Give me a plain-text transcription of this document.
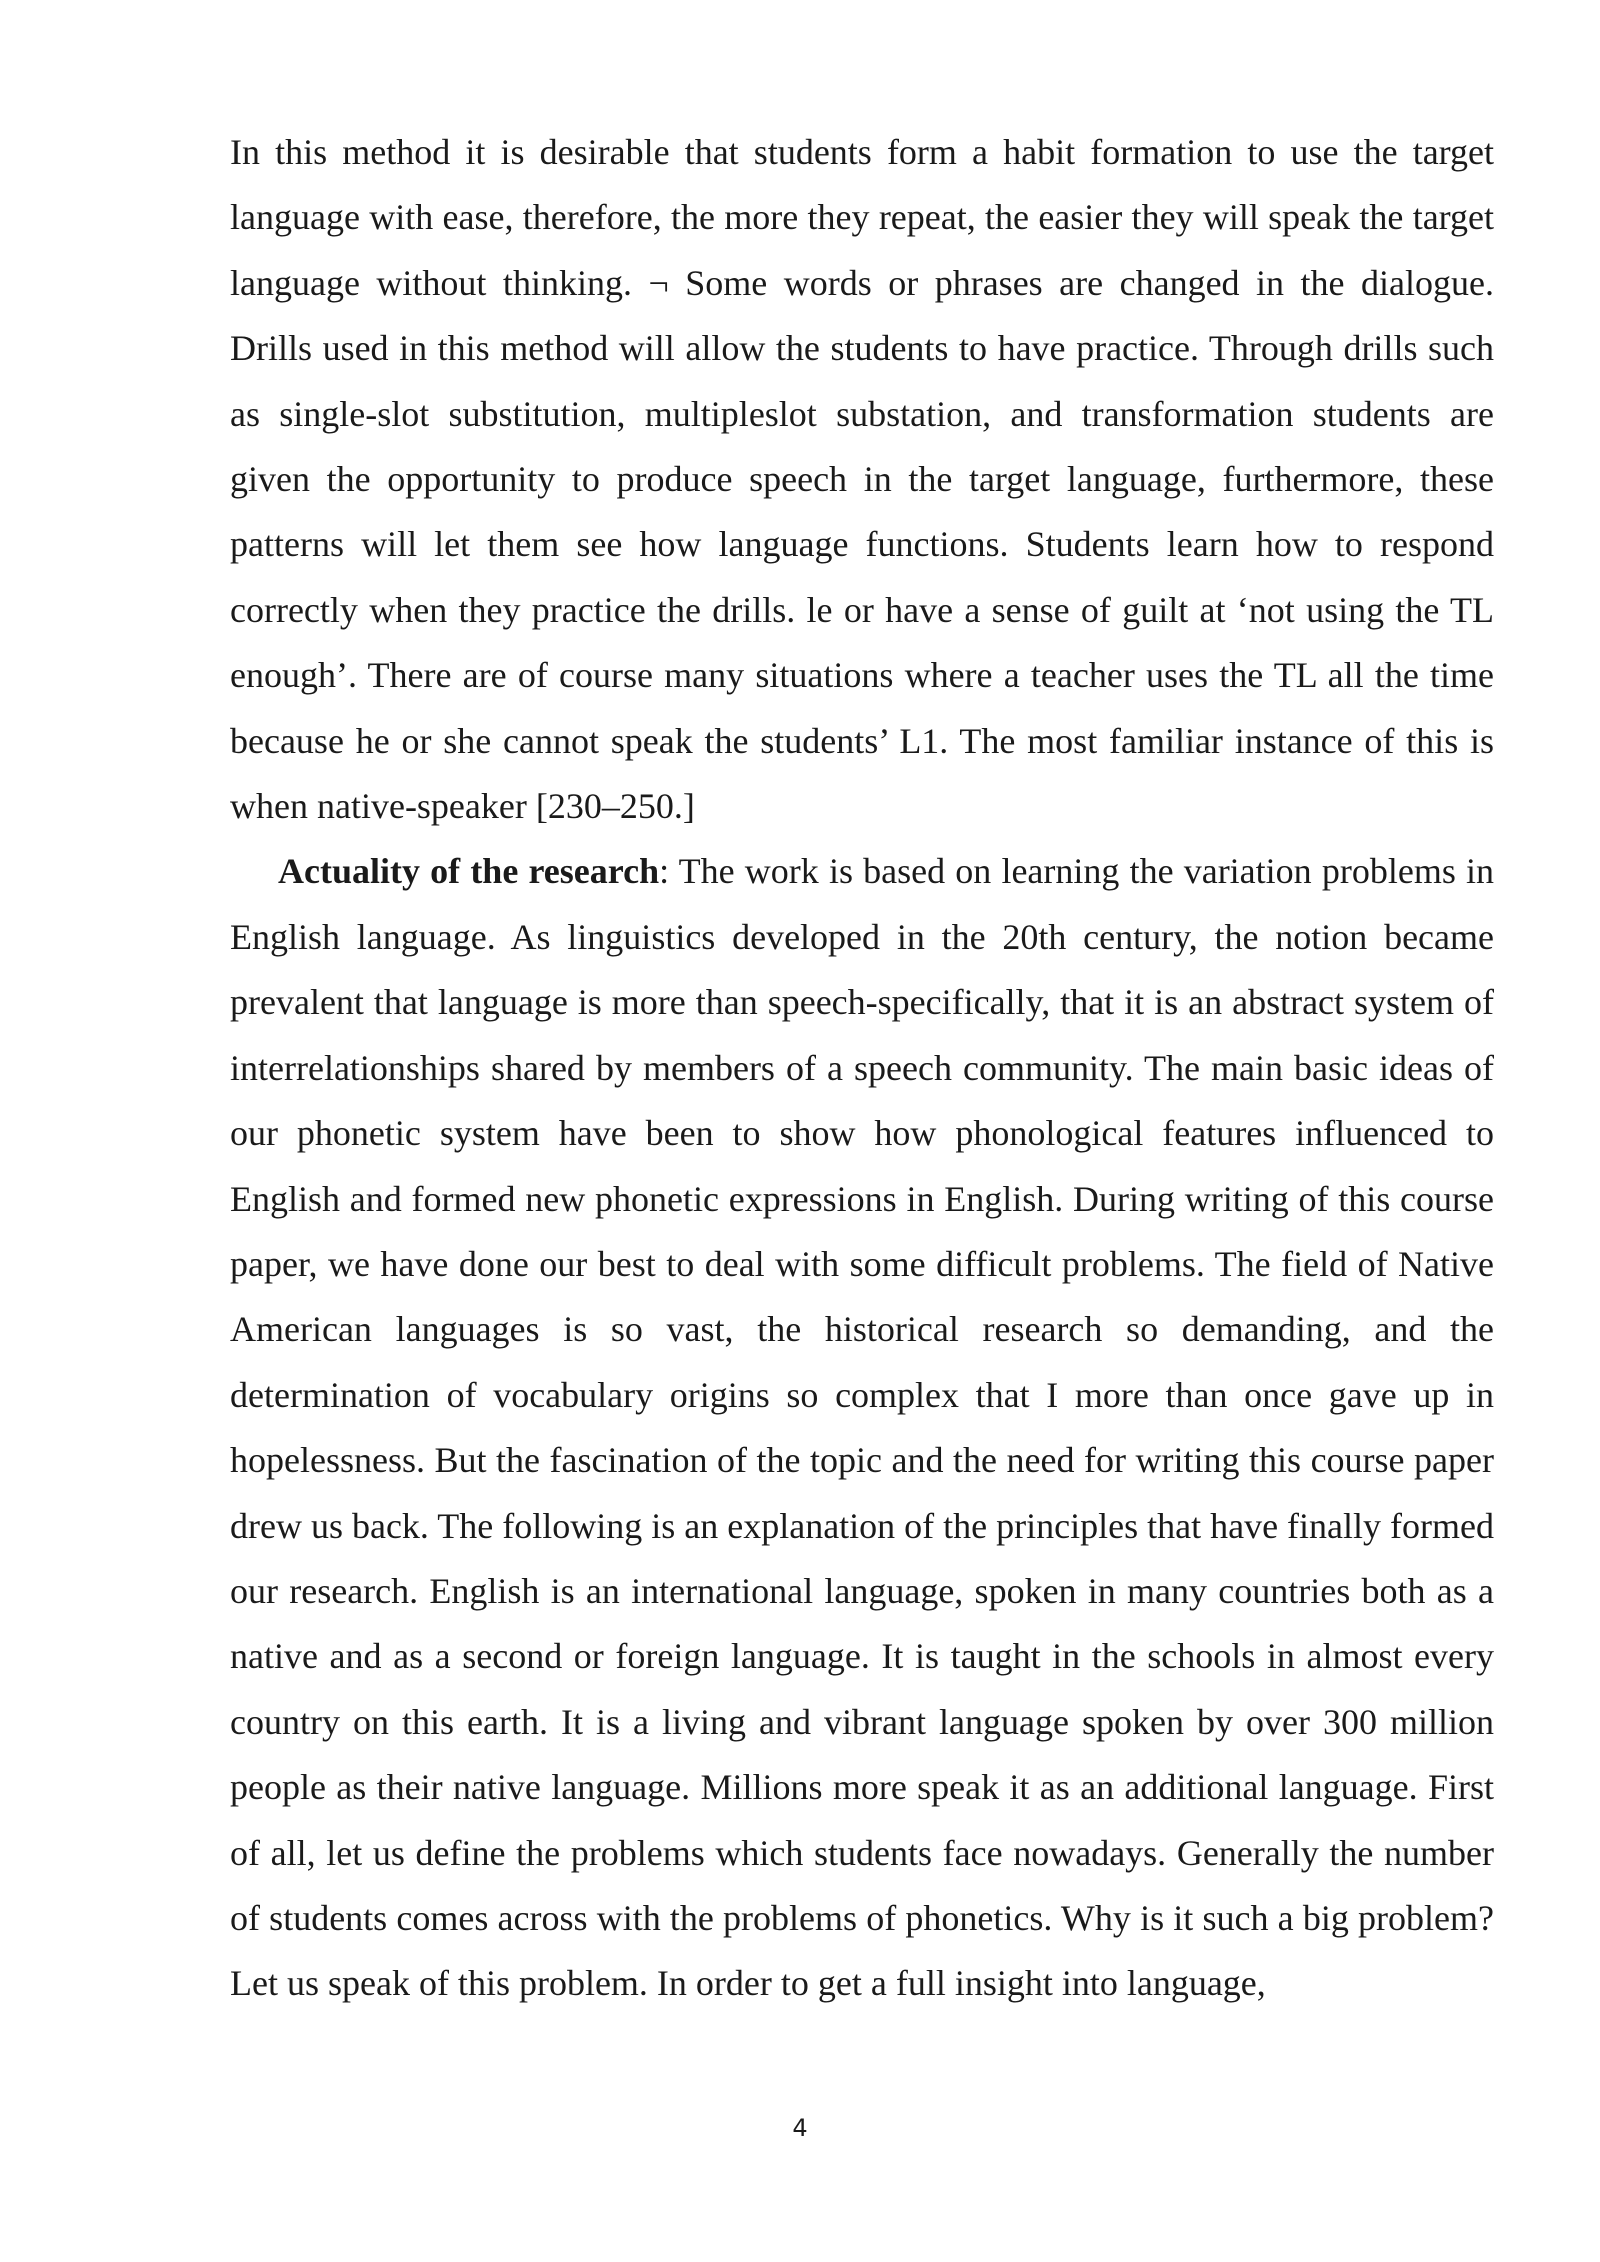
In this method it is desirable that students form a habit formation to use the target language with ease, therefore, the more they repeat, the easier they will speak the target language without thinking. ¬ Some words or phrases are changed in the dialogue. Drills used in this method will allow the students to have practice. Through drills such as single-slot substitution, multipleslot substation, and transformation students are given the opportunity to produce speech in the target language, furthermore, these patterns will let them see how language functions. Students learn how to respond correctly when they practice the drills. le or have a sense of guilt at ‘not using the TL enough’. There are of course many situations where a teacher uses the TL all the time because he or she cannot speak the students’ L1. The most familiar instance of this is when native-speaker [230–250.]

Actuality of the research: The work is based on learning the variation problems in English language. As linguistics developed in the 20th century, the notion became prevalent that language is more than speech-specifically, that it is an abstract system of interrelationships shared by members of a speech community. The main basic ideas of our phonetic system have been to show how phonological features influenced to English and formed new phonetic expressions in English. During writing of this course paper, we have done our best to deal with some difficult problems. The field of Native American languages is so vast, the historical research so demanding, and the determination of vocabulary origins so complex that I more than once gave up in hopelessness. But the fascination of the topic and the need for writing this course paper drew us back. The following is an explanation of the principles that have finally formed our research. English is an international language, spoken in many countries both as a native and as a second or foreign language. It is taught in the schools in almost every country on this earth. It is a living and vibrant language spoken by over 300 million people as their native language. Millions more speak it as an additional language. First of all, let us define the problems which students face nowadays. Generally the number of students comes across with the problems of phonetics. Why is it such a big problem? Let us speak of this problem. In order to get a full insight into language,

4
